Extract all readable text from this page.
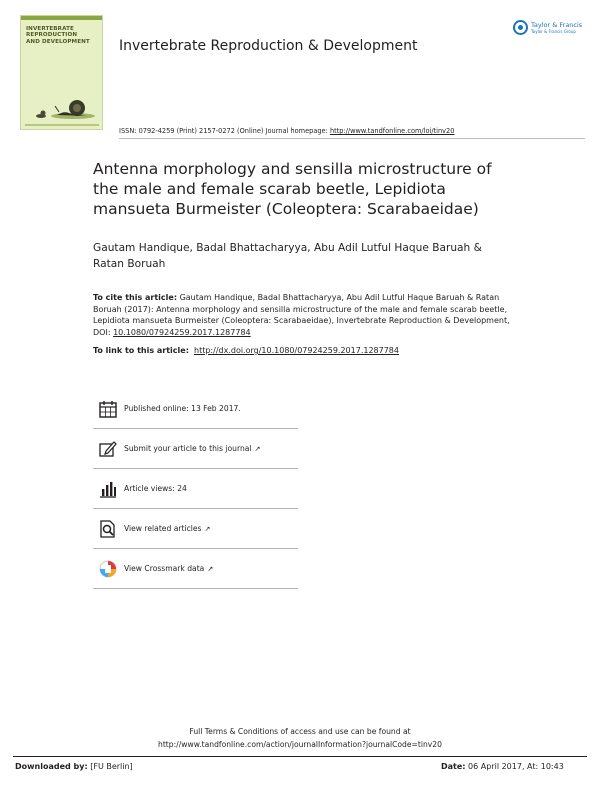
INVERTEBRATE
REPRODUCTION
AND DEVELOPMENT	Invertebrate Reproduction & Development
Taylor & Francis
Taylor & Francis Group
ISSN: 0792-4259 (Print) 2157-0272 (Online) Journal homepage: http://www.tandfonline.com/loi/tinv20
Antenna morphology and sensilla microstructure of the male and female scarab beetle, Lepidiota mansueta Burmeister (Coleoptera: Scarabaeidae)
Gautam Handique, Badal Bhattacharyya, Abu Adil Lutful Haque Baruah & Ratan Boruah
To cite this article: Gautam Handique, Badal Bhattacharyya, Abu Adil Lutful Haque Baruah & Ratan Boruah (2017): Antenna morphology and sensilla microstructure of the male and female scarab beetle, Lepidiota mansueta Burmeister (Coleoptera: Scarabaeidae), Invertebrate Reproduction & Development, DOI: 10.1080/07924259.2017.1287784
To link to this article: http://dx.doi.org/10.1080/07924259.2017.1287784
Published online: 13 Feb 2017.
Submit your article to this journal ↗
Article views: 24
View related articles ↗
View Crossmark data ↗
Full Terms & Conditions of access and use can be found at
http://www.tandfonline.com/action/journalInformation?journalCode=tinv20
Downloaded by: [FU Berlin]	Date: 06 April 2017, At: 10:43
